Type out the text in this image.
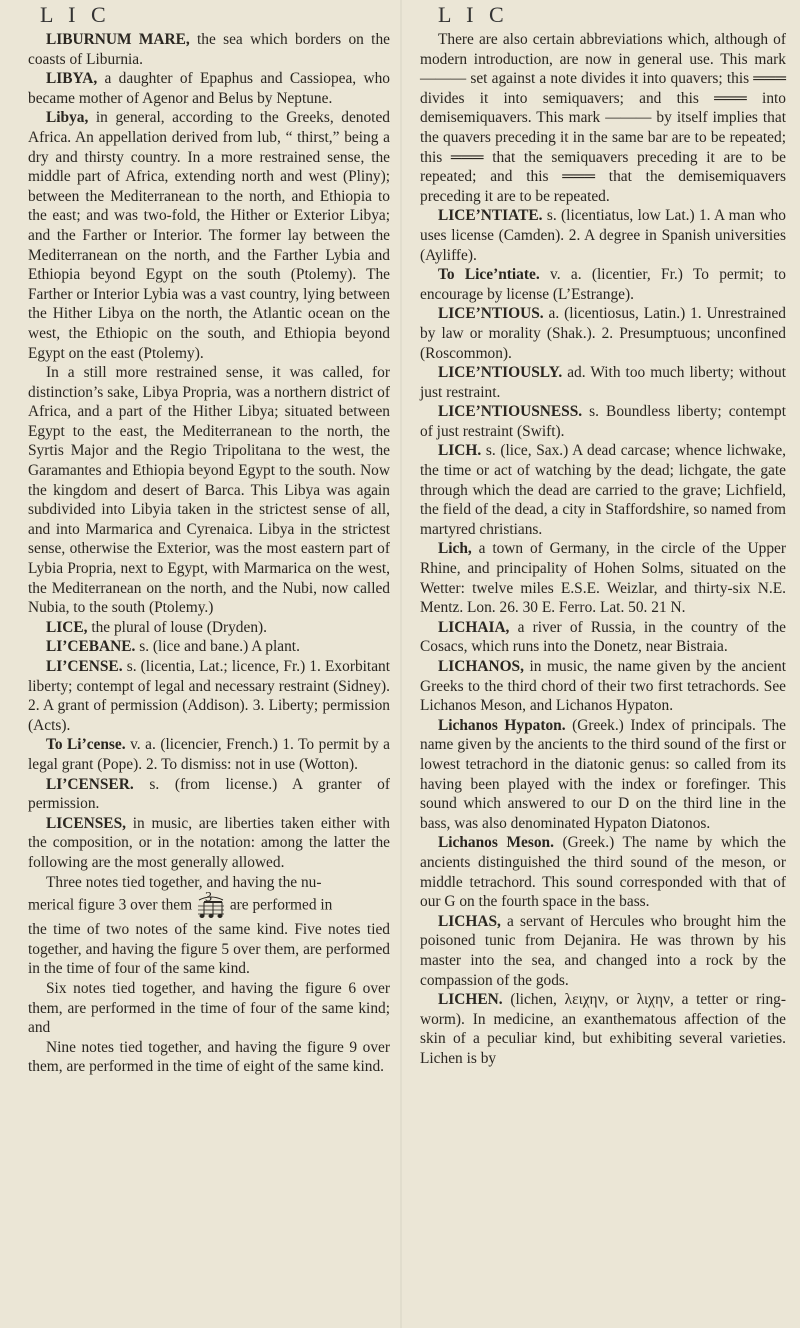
L I C	L I C

LIBURNUM MARE, the sea which borders on the coasts of Liburnia.

LIBYA, a daughter of Epaphus and Cassiopea, who became mother of Agenor and Belus by Neptune.

Libya, in general, according to the Greeks, denoted Africa. An appellation derived from lub, “ thirst,” being a dry and thirsty country. In a more restrained sense, the middle part of Africa, extending north and west (Pliny); between the Mediterranean to the north, and Ethiopia to the east; and was two-fold, the Hither or Exterior Libya; and the Farther or Interior. The former lay between the Mediterranean on the north, and the Farther Lybia and Ethiopia beyond Egypt on the south (Ptolemy). The Farther or Interior Lybia was a vast country, lying between the Hither Libya on the north, the Atlantic ocean on the west, the Ethiopic on the south, and Ethiopia beyond Egypt on the east (Ptolemy).

In a still more restrained sense, it was called, for distinction’s sake, Libya Propria, was a northern district of Africa, and a part of the Hither Libya; situated between Egypt to the east, the Mediterranean to the north, the Syrtis Major and the Regio Tripolitana to the west, the Garamantes and Ethiopia beyond Egypt to the south. Now the kingdom and desert of Barca. This Libya was again subdivided into Libyia taken in the strictest sense of all, and into Marmarica and Cyrenaica. Libya in the strictest sense, otherwise the Exterior, was the most eastern part of Lybia Propria, next to Egypt, with Marmarica on the west, the Mediterranean on the north, and the Nubi, now called Nubia, to the south (Ptolemy.)

LICE, the plural of louse (Dryden).

LI’CEBANE. s. (lice and bane.) A plant.

LI’CENSE. s. (licentia, Lat.; licence, Fr.) 1. Exorbitant liberty; contempt of legal and necessary restraint (Sidney). 2. A grant of permission (Addison). 3. Liberty; permission (Acts).

To Li’cense. v. a. (licencier, French.) 1. To permit by a legal grant (Pope). 2. To dismiss: not in use (Wotton).

LI’CENSER. s. (from license.) A granter of permission.

LICENSES, in music, are liberties taken either with the composition, or in the notation: among the latter the following are the most generally allowed.

Three notes tied together, and having the nu-

merical figure 3 over them 3 are performed in

the time of two notes of the same kind. Five notes tied together, and having the figure 5 over them, are performed in the time of four of the same kind.

Six notes tied together, and having the figure 6 over them, are performed in the time of four of the same kind; and

Nine notes tied together, and having the figure 9 over them, are performed in the time of eight of the same kind.

There are also certain abbreviations which, although of modern introduction, are now in general use. This mark ——— set against a note divides it into quavers; this ═══ divides it into semiquavers; and this ═══ into demisemiquavers. This mark ——— by itself implies that the quavers preceding it in the same bar are to be repeated; this ═══ that the semiquavers preceding it are to be repeated; and this ═══ that the demisemiquavers preceding it are to be repeated.

LICE’NTIATE. s. (licentiatus, low Lat.) 1. A man who uses license (Camden). 2. A degree in Spanish universities (Ayliffe).

To Lice’ntiate. v. a. (licentier, Fr.) To permit; to encourage by license (L’Estrange).

LICE’NTIOUS. a. (licentiosus, Latin.) 1. Unrestrained by law or morality (Shak.). 2. Presumptuous; unconfined (Roscommon).

LICE’NTIOUSLY. ad. With too much liberty; without just restraint.

LICE’NTIOUSNESS. s. Boundless liberty; contempt of just restraint (Swift).

LICH. s. (lice, Sax.) A dead carcase; whence lichwake, the time or act of watching by the dead; lichgate, the gate through which the dead are carried to the grave; Lichfield, the field of the dead, a city in Staffordshire, so named from martyred christians.

Lich, a town of Germany, in the circle of the Upper Rhine, and principality of Hohen Solms, situated on the Wetter: twelve miles E.S.E. Weizlar, and thirty-six N.E. Mentz. Lon. 26. 30 E. Ferro. Lat. 50. 21 N.

LICHAIA, a river of Russia, in the country of the Cosacs, which runs into the Donetz, near Bistraia.

LICHANOS, in music, the name given by the ancient Greeks to the third chord of their two first tetrachords. See Lichanos Meson, and Lichanos Hypaton.

Lichanos Hypaton. (Greek.) Index of principals. The name given by the ancients to the third sound of the first or lowest tetrachord in the diatonic genus: so called from its having been played with the index or forefinger. This sound which answered to our D on the third line in the bass, was also denominated Hypaton Diatonos.

Lichanos Meson. (Greek.) The name by which the ancients distinguished the third sound of the meson, or middle tetrachord. This sound corresponded with that of our G on the fourth space in the bass.

LICHAS, a servant of Hercules who brought him the poisoned tunic from Dejanira. He was thrown by his master into the sea, and changed into a rock by the compassion of the gods.

LICHEN. (lichen, λειχην, or λιχην, a tetter or ring-worm). In medicine, an exanthematous affection of the skin of a peculiar kind, but exhibiting several varieties. Lichen is by
